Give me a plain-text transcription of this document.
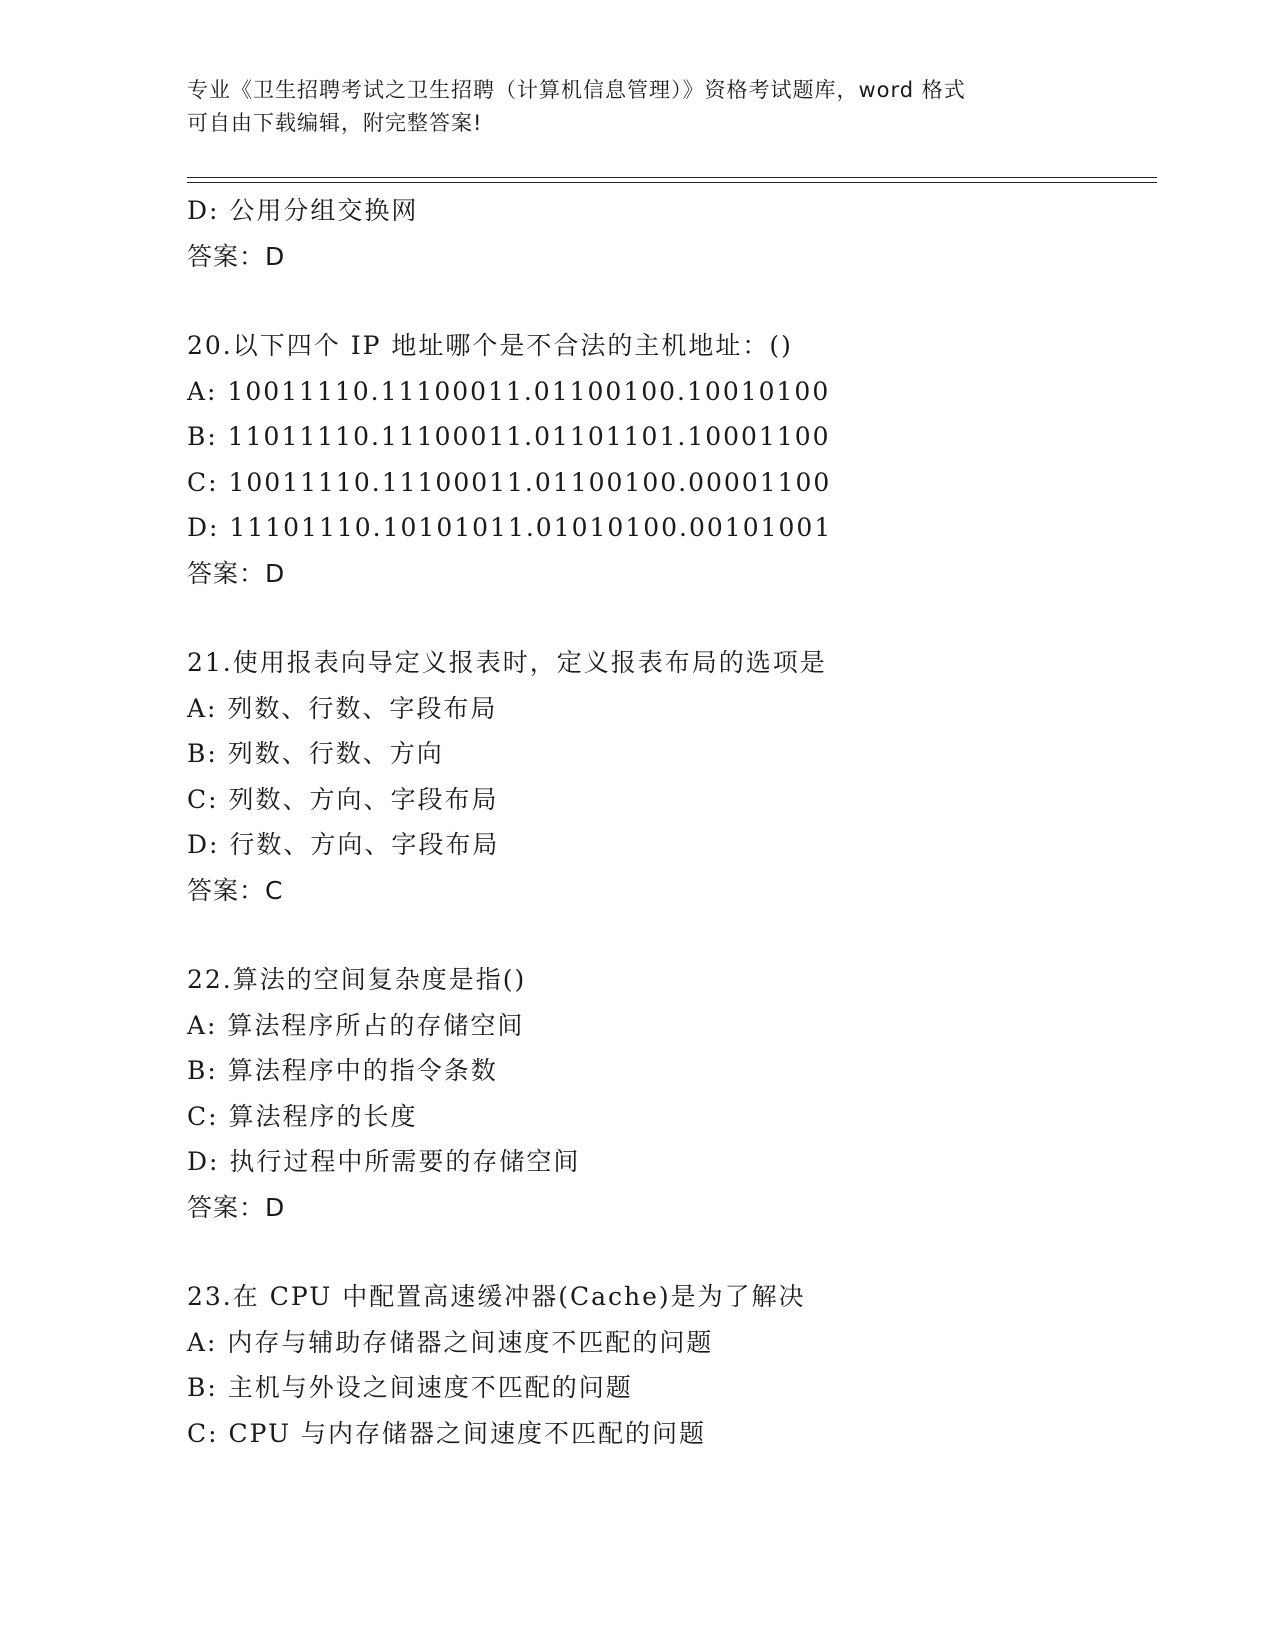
专业《卫生招聘考试之卫生招聘（计算机信息管理）》资格考试题库，word 格式
可自由下载编辑，附完整答案!
D: 公用分组交换网
答案：D
20.以下四个 IP 地址哪个是不合法的主机地址：()
A: 10011110.11100011.01100100.10010100
B: 11011110.11100011.01101101.10001100
C: 10011110.11100011.01100100.00001100
D: 11101110.10101011.01010100.00101001
答案：D
21.使用报表向导定义报表时，定义报表布局的选项是
A: 列数、行数、字段布局
B: 列数、行数、方向
C: 列数、方向、字段布局
D: 行数、方向、字段布局
答案：C
22.算法的空间复杂度是指()
A: 算法程序所占的存储空间
B: 算法程序中的指令条数
C: 算法程序的长度
D: 执行过程中所需要的存储空间
答案：D
23.在 CPU 中配置高速缓冲器(Cache)是为了解决
A: 内存与辅助存储器之间速度不匹配的问题
B: 主机与外设之间速度不匹配的问题
C: CPU 与内存储器之间速度不匹配的问题
